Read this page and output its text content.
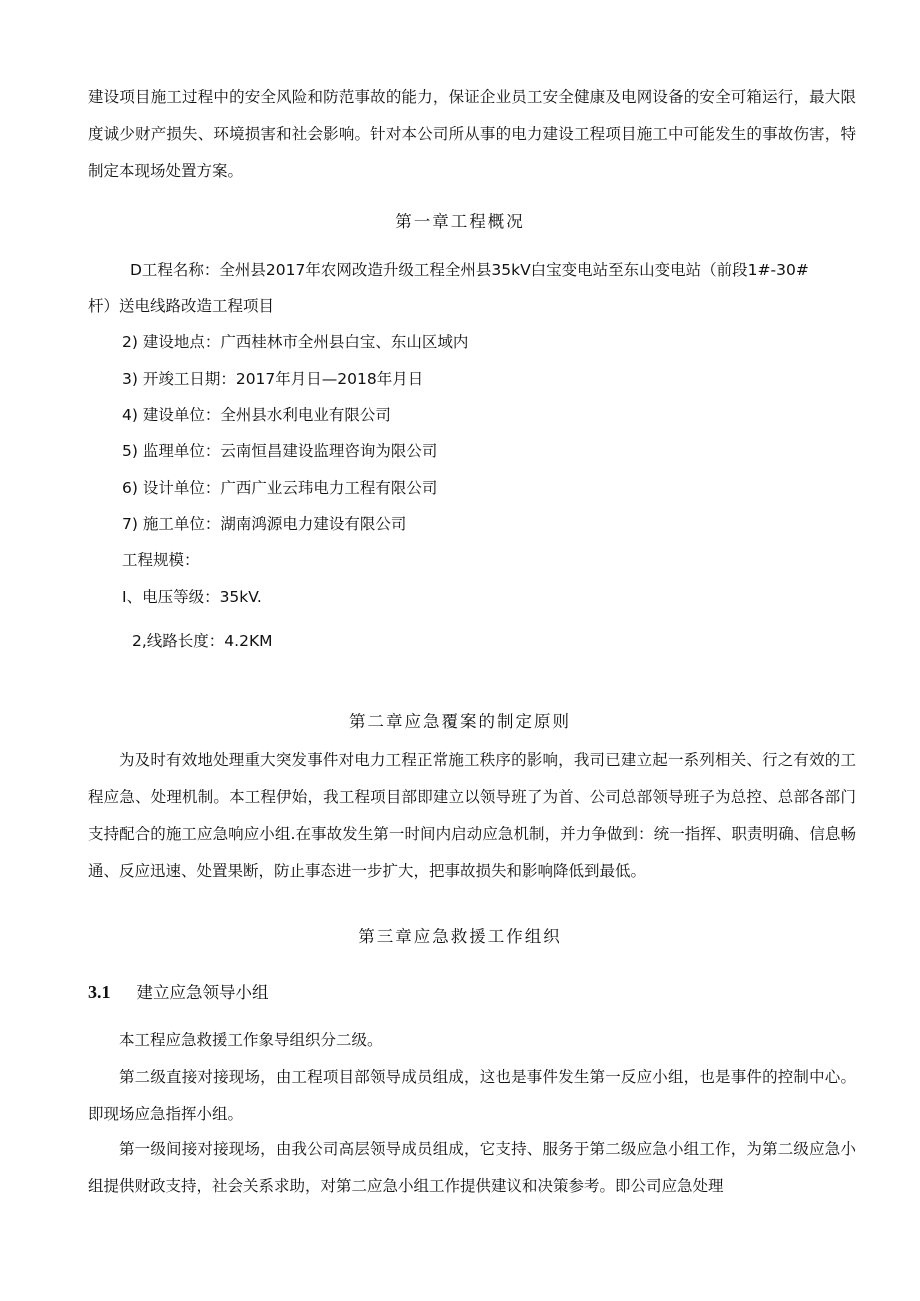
建设项目施工过程中的安全风险和防范事故的能力，保证企业员工安全健康及电网设备的安全可箱运行，最大限度诚少财产损失、环境损害和社会影响。针对本公司所从事的电力建设工程项目施工中可能发生的事故伤害，特制定本现场处置方案。
第一章工程概况
D工程名称：全州县2017年农网改造升级工程全州县35kV白宝变电站至东山变电站（前段1#-30#
杆）送电线路改造工程项目
2) 建设地点：广西桂林市全州县白宝、东山区域内
3) 开竣工日期：2017年月日—2018年月日
4) 建设单位：全州县水利电业有限公司
5) 监理单位：云南恒昌建设监理咨询为限公司
6) 设计单位：广西广业云玮电力工程有限公司
7) 施工单位：湖南鸿源电力建设有限公司
工程规模：
I、电压等级：35kV.
2,线路长度：4.2KM
第二章应急覆案的制定原则
为及时有效地处理重大突发事件对电力工程正常施工秩序的影响，我司已建立起一系列相关、行之有效的工程应急、处理机制。本工程伊始，我工程项目部即建立以领导班了为首、公司总部领导班子为总控、总部各部门支持配合的施工应急响应小组.在事故发生第一时间内启动应急机制，并力争做到：统一指挥、职责明确、信息畅通、反应迅速、处置果断，防止事态进一步扩大，把事故损失和影响降低到最低。
第三章应急救援工作组织
3.1 建立应急领导小组
本工程应急救援工作象导组织分二级。
第二级直接对接现场，由工程项目部领导成员组成，这也是事件发生第一反应小组，也是事件的控制中心。即现场应急指挥小组。
第一级间接对接现场，由我公司高层领导成员组成，它支持、服务于第二级应急小组工作，为第二级应急小组提供财政支持，社会关系求助，对第二应急小组工作提供建议和决策参考。即公司应急处理
